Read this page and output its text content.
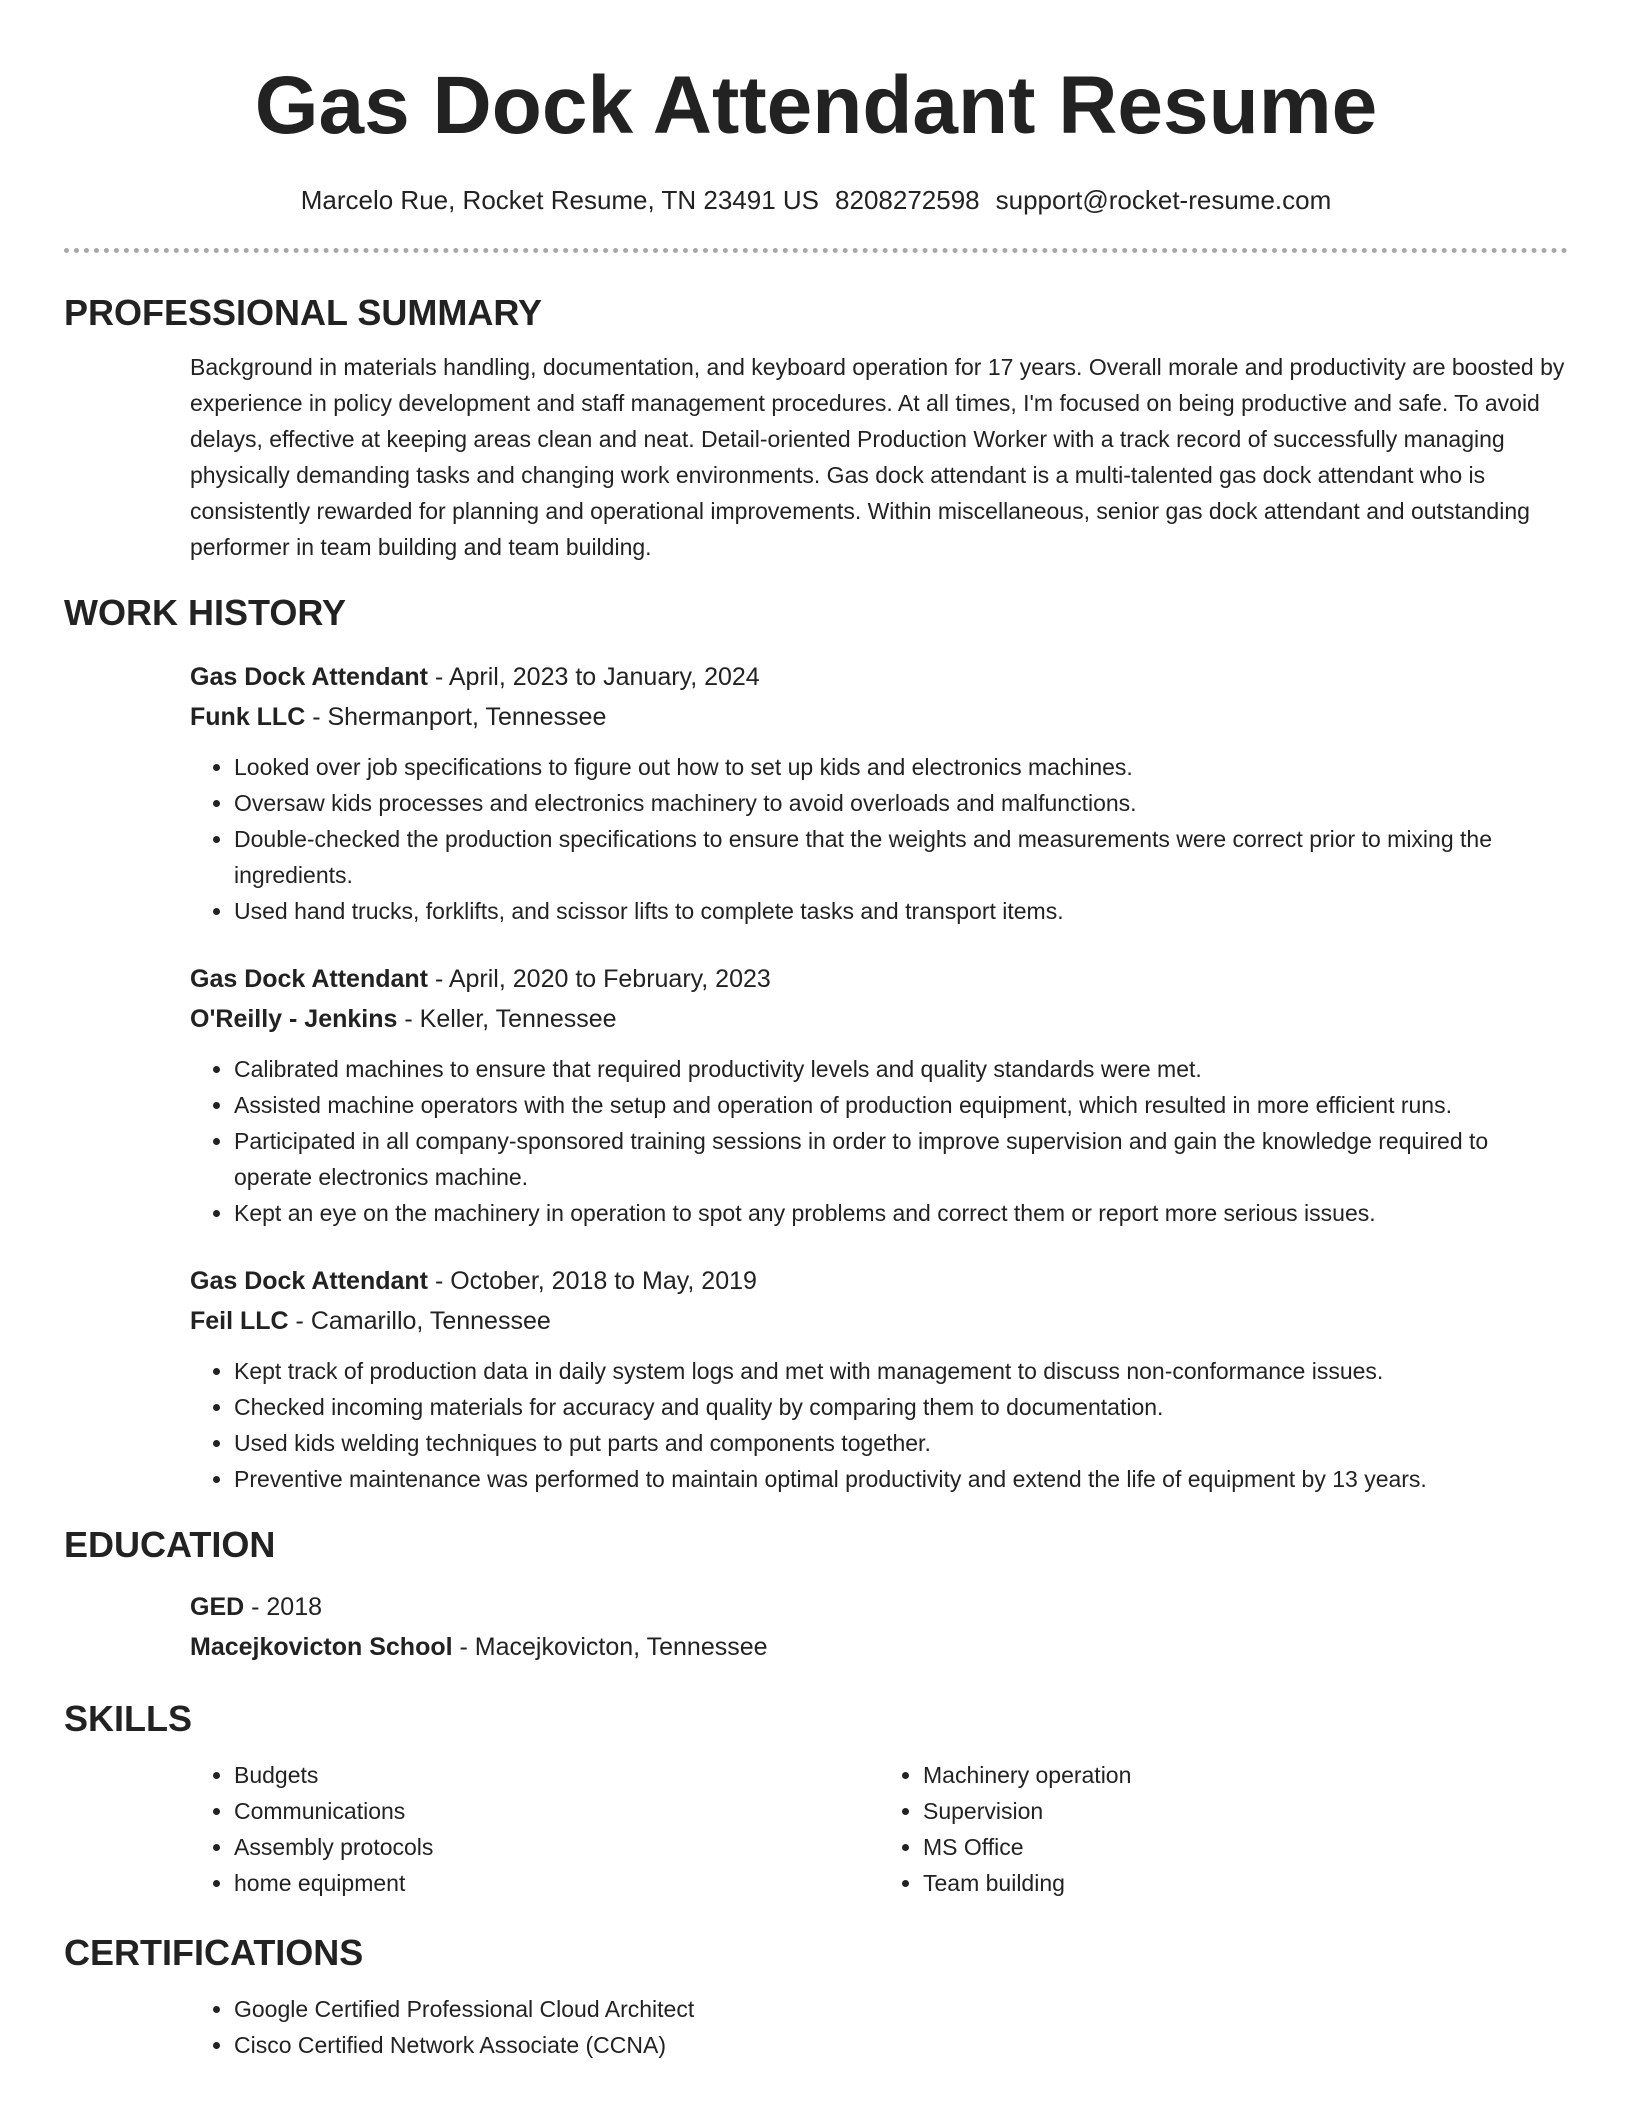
Gas Dock Attendant Resume
Marcelo Rue, Rocket Resume, TN 23491 US 8208272598 support@rocket-resume.com
PROFESSIONAL SUMMARY
Background in materials handling, documentation, and keyboard operation for 17 years. Overall morale and productivity are boosted by experience in policy development and staff management procedures. At all times, I'm focused on being productive and safe. To avoid delays, effective at keeping areas clean and neat. Detail-oriented Production Worker with a track record of successfully managing physically demanding tasks and changing work environments. Gas dock attendant is a multi-talented gas dock attendant who is consistently rewarded for planning and operational improvements. Within miscellaneous, senior gas dock attendant and outstanding performer in team building and team building.
WORK HISTORY
Gas Dock Attendant - April, 2023 to January, 2024
Funk LLC - Shermanport, Tennessee
• Looked over job specifications to figure out how to set up kids and electronics machines.
• Oversaw kids processes and electronics machinery to avoid overloads and malfunctions.
• Double-checked the production specifications to ensure that the weights and measurements were correct prior to mixing the ingredients.
• Used hand trucks, forklifts, and scissor lifts to complete tasks and transport items.
Gas Dock Attendant - April, 2020 to February, 2023
O'Reilly - Jenkins - Keller, Tennessee
• Calibrated machines to ensure that required productivity levels and quality standards were met.
• Assisted machine operators with the setup and operation of production equipment, which resulted in more efficient runs.
• Participated in all company-sponsored training sessions in order to improve supervision and gain the knowledge required to operate electronics machine.
• Kept an eye on the machinery in operation to spot any problems and correct them or report more serious issues.
Gas Dock Attendant - October, 2018 to May, 2019
Feil LLC - Camarillo, Tennessee
• Kept track of production data in daily system logs and met with management to discuss non-conformance issues.
• Checked incoming materials for accuracy and quality by comparing them to documentation.
• Used kids welding techniques to put parts and components together.
• Preventive maintenance was performed to maintain optimal productivity and extend the life of equipment by 13 years.
EDUCATION
GED - 2018
Macejkovicton School - Macejkovicton, Tennessee
SKILLS
• Budgets
• Communications
• Assembly protocols
• home equipment
• Machinery operation
• Supervision
• MS Office
• Team building
CERTIFICATIONS
• Google Certified Professional Cloud Architect
• Cisco Certified Network Associate (CCNA)
